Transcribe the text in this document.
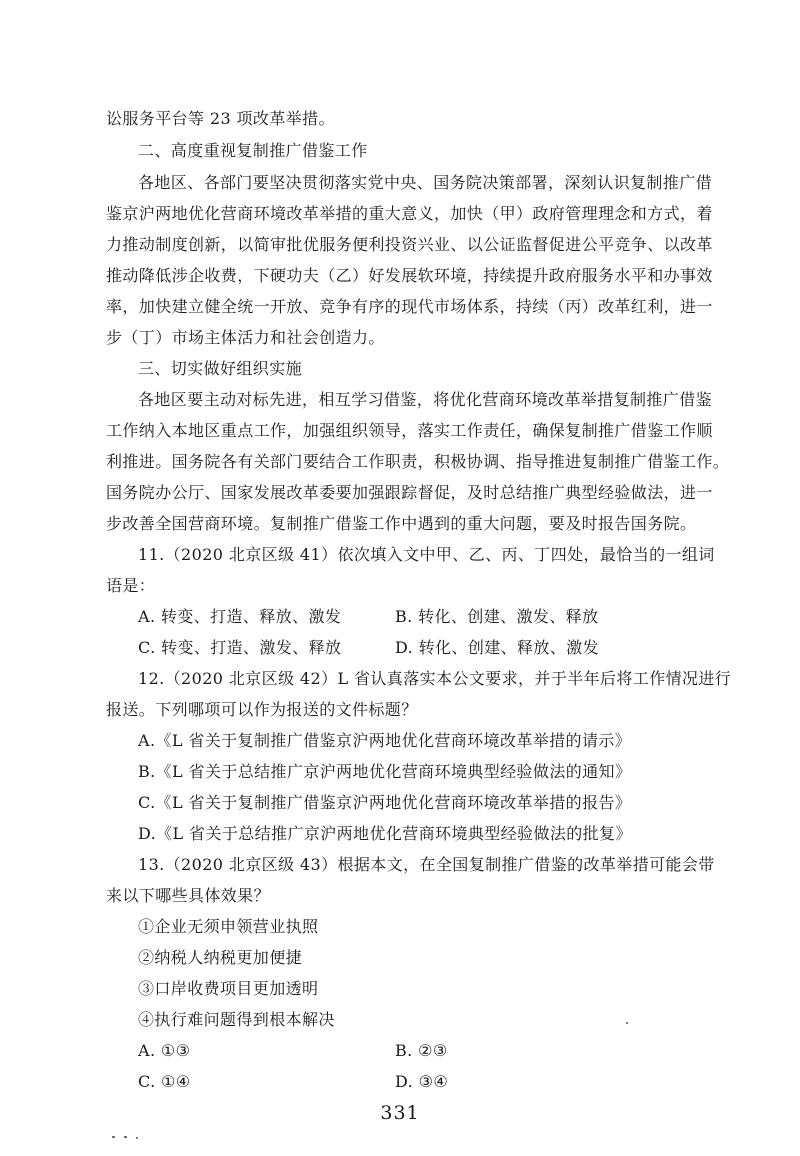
讼服务平台等 23 项改革举措。
二、高度重视复制推广借鉴工作
各地区、各部门要坚决贯彻落实党中央、国务院决策部署，深刻认识复制推广借
鉴京沪两地优化营商环境改革举措的重大意义，加快（甲）政府管理理念和方式，着
力推动制度创新，以简审批优服务便利投资兴业、以公证监督促进公平竞争、以改革
推动降低涉企收费，下硬功夫（乙）好发展软环境，持续提升政府服务水平和办事效
率，加快建立健全统一开放、竞争有序的现代市场体系，持续（丙）改革红利，进一
步（丁）市场主体活力和社会创造力。
三、切实做好组织实施
各地区要主动对标先进，相互学习借鉴，将优化营商环境改革举措复制推广借鉴
工作纳入本地区重点工作，加强组织领导，落实工作责任，确保复制推广借鉴工作顺
利推进。国务院各有关部门要结合工作职责，积极协调、指导推进复制推广借鉴工作。
国务院办公厅、国家发展改革委要加强跟踪督促，及时总结推广典型经验做法，进一
步改善全国营商环境。复制推广借鉴工作中遇到的重大问题，要及时报告国务院。
11.（2020 北京区级 41）依次填入文中甲、乙、丙、丁四处，最恰当的一组词
语是：
A. 转变、打造、释放、激发	B. 转化、创建、激发、释放
C. 转变、打造、激发、释放	D. 转化、创建、释放、激发
12.（2020 北京区级 42）L 省认真落实本公文要求，并于半年后将工作情况进行
报送。下列哪项可以作为报送的文件标题？
A.《L 省关于复制推广借鉴京沪两地优化营商环境改革举措的请示》
B.《L 省关于总结推广京沪两地优化营商环境典型经验做法的通知》
C.《L 省关于复制推广借鉴京沪两地优化营商环境改革举措的报告》
D.《L 省关于总结推广京沪两地优化营商环境典型经验做法的批复》
13.（2020 北京区级 43）根据本文，在全国复制推广借鉴的改革举措可能会带
来以下哪些具体效果？
①企业无须申领营业执照
②纳税人纳税更加便捷
③口岸收费项目更加透明
④执行难问题得到根本解决
A. ①③	B. ②③
C. ①④	D. ③④
331
